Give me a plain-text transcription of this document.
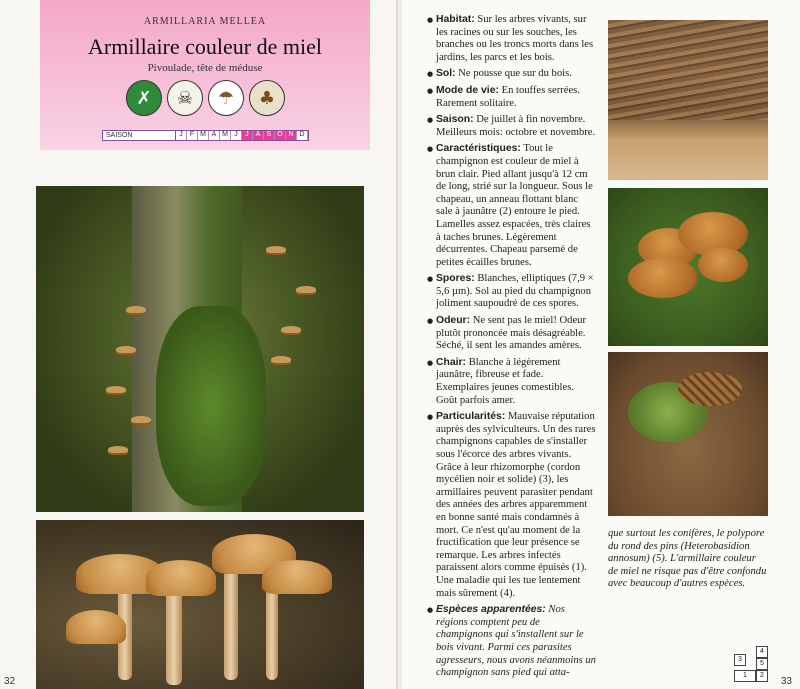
ARMILLARIA MELLEA
Armillaire couleur de miel
Pivoulade, tête de méduse
✗	☠	☂	♣
SAISON	J	F M A M J	J A S O N D
32
● Habitat: Sur les arbres vivants, sur les racines ou sur les souches, les branches ou les troncs morts dans les jardins, les parcs et les bois.
● Sol: Ne pousse que sur du bois.
● Mode de vie: En touffes serrées. Rarement solitaire.
● Saison: De juillet à fin novembre. Meilleurs mois: octobre et novembre.
● Caractéristiques: Tout le champignon est couleur de miel à brun clair. Pied allant jusqu'à 12 cm de long, strié sur la longueur. Sous le chapeau, un anneau flottant blanc sale à jaunâtre (2) entoure le pied. Lamelles assez espacées, très claires à taches brunes. Légèrement décurrentes. Chapeau parsemé de petites écailles brunes.
● Spores: Blanches, elliptiques (7,9 × 5,6 µm). Sol au pied du champignon joliment saupoudré de ces spores.
● Odeur: Ne sent pas le miel! Odeur plutôt prononcée mais désagréable. Séché, il sent les amandes amères.
● Chair: Blanche à légèrement jaunâtre, fibreuse et fade. Exemplaires jeunes comestibles. Goût parfois amer.
● Particularités: Mauvaise réputation auprès des sylviculteurs. Un des rares champignons capables de s'installer sous l'écorce des arbres vivants. Grâce à leur rhizomorphe (cordon mycélien noir et solide) (3), les armillaires peuvent parasiter pendant des années des arbres apparemment en bonne santé mais condamnés à mort. Ce n'est qu'au moment de la fructification que leur présence se remarque. Les arbres infectés paraissent alors comme épuisés (1). Une maladie qui les tue lentement mais sûrement (4).
● Espèces apparentées: Nos régions comptent peu de champignons qui s'installent sur le bois vivant. Parmi ces parasites agresseurs, nous avons néanmoins un champignon sans pied qui atta-
que surtout les conifères, le polypore du rond des pins (Heterobasidion annosum) (5). L'armillaire couleur de miel ne risque pas d'être confondu avec beaucoup d'autres espèces.
3
4
5
1	2
33
